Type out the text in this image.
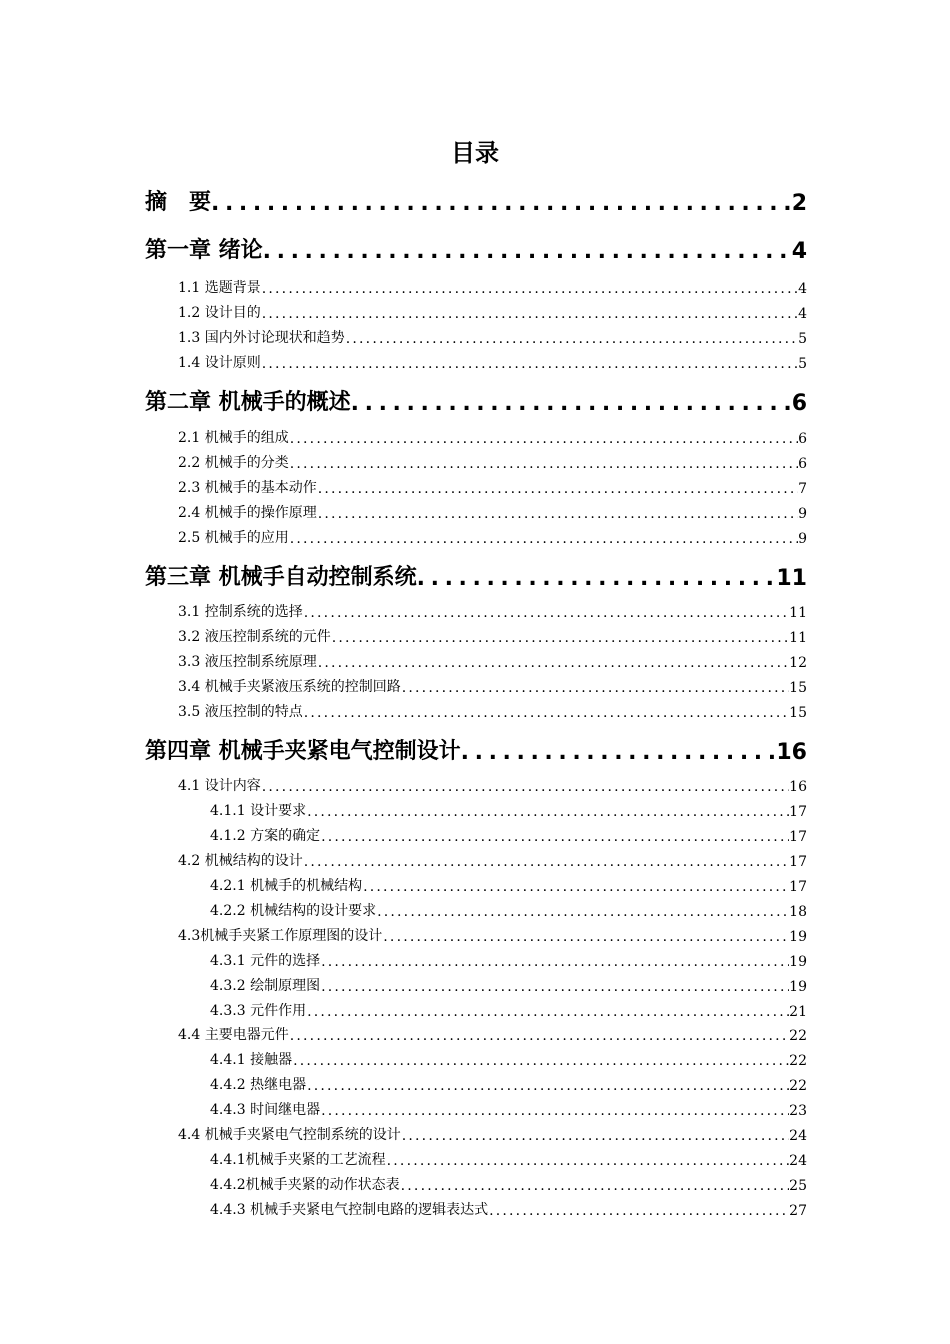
目录
摘　要 .....	2
第一章 绪论 .....	4
1.1 选题背景 .....	4
1.2 设计目的 .....	4
1.3 国内外讨论现状和趋势 .....	5
1.4 设计原则 .....	5
第二章 机械手的概述 .....	6
2.1 机械手的组成 .....	6
2.2 机械手的分类 .....	6
2.3 机械手的基本动作 .....	7
2.4 机械手的操作原理 .....	9
2.5 机械手的应用 .....	9
第三章 机械手自动控制系统 .....	11
3.1 控制系统的选择 .....	11
3.2 液压控制系统的元件 .....	11
3.3 液压控制系统原理 .....	12
3.4 机械手夹紧液压系统的控制回路 .....	15
3.5 液压控制的特点 .....	15
第四章 机械手夹紧电气控制设计 .....	16
4.1 设计内容 .....	16
4.1.1 设计要求 .....	17
4.1.2 方案的确定 .....	17
4.2 机械结构的设计 .....	17
4.2.1 机械手的机械结构 .....	17
4.2.2 机械结构的设计要求 .....	18
4.3机械手夹紧工作原理图的设计 .....	19
4.3.1 元件的选择 .....	19
4.3.2 绘制原理图 .....	19
4.3.3 元件作用 .....	21
4.4 主要电器元件 .....	22
4.4.1 接触器 .....	22
4.4.2 热继电器 .....	22
4.4.3 时间继电器 .....	23
4.4 机械手夹紧电气控制系统的设计 .....	24
4.4.1机械手夹紧的工艺流程 .....	24
4.4.2机械手夹紧的动作状态表 .....	25
4.4.3 机械手夹紧电气控制电路的逻辑表达式 .....	27
